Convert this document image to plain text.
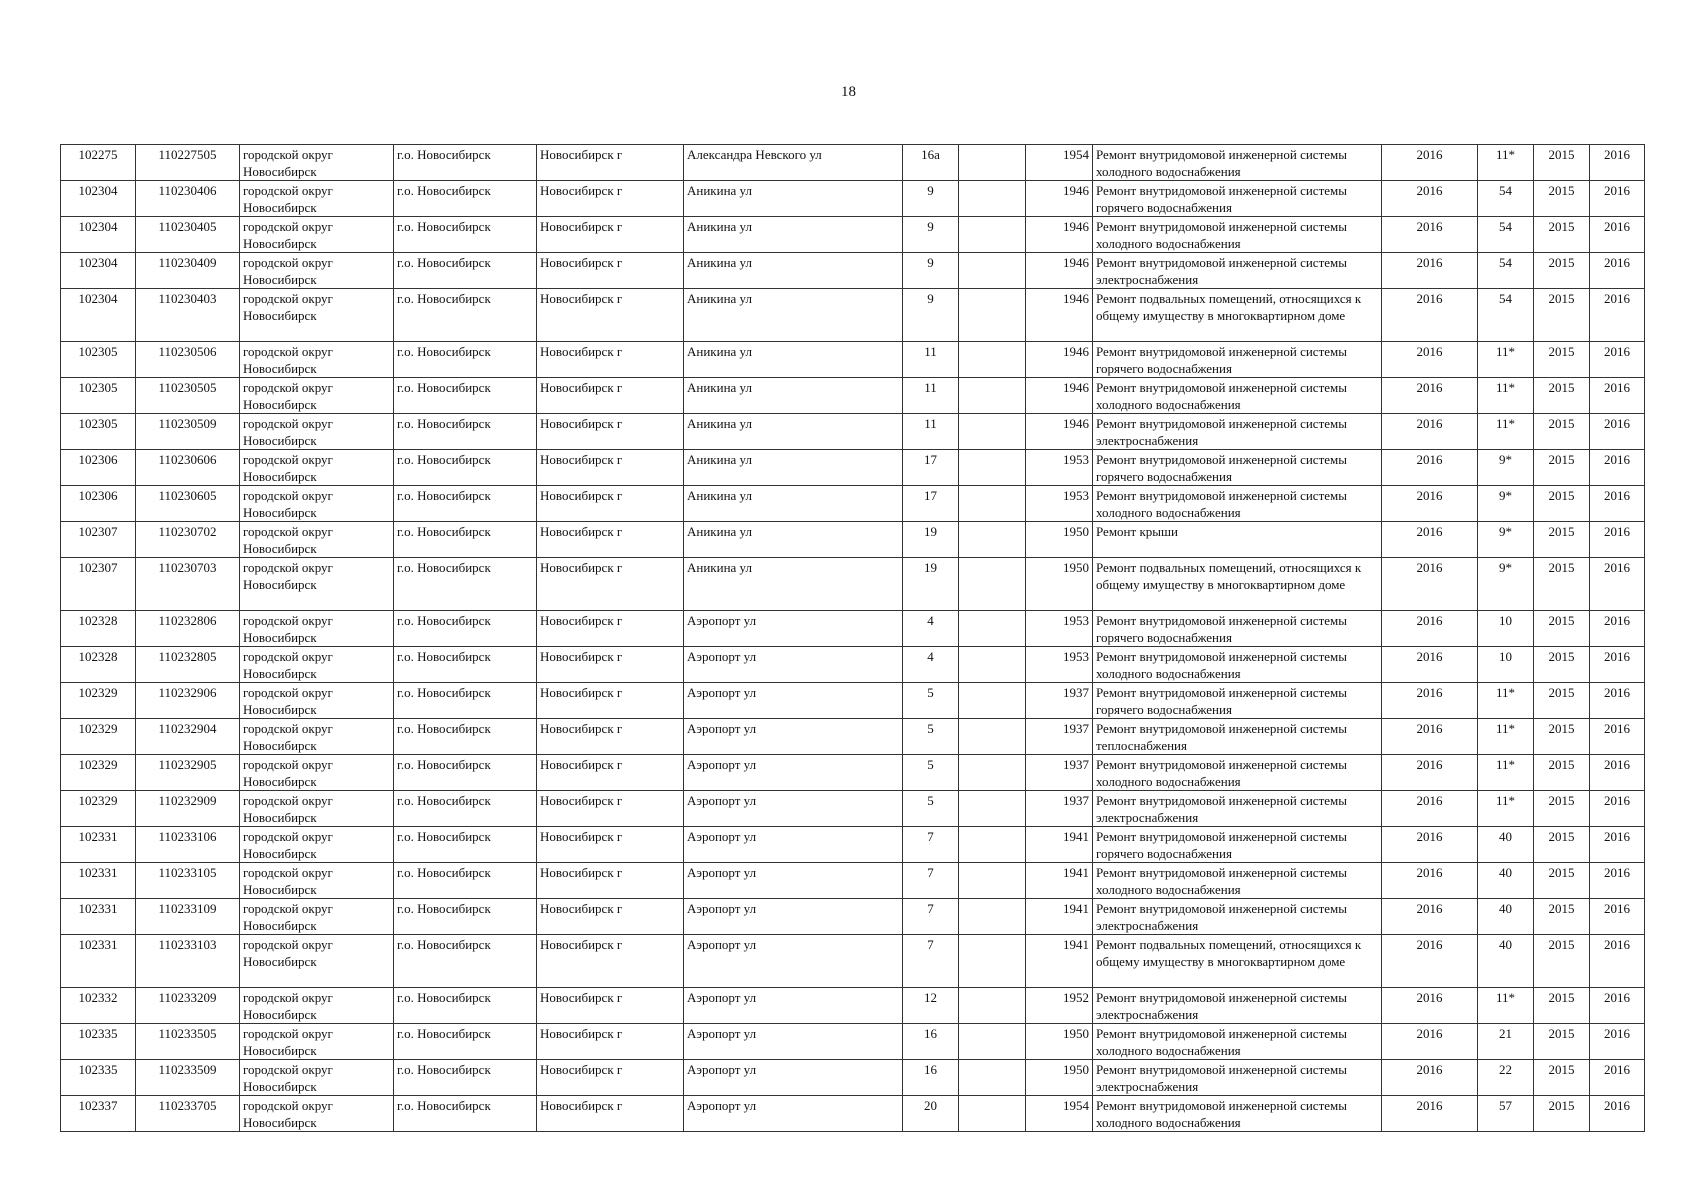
18
102275	110227505	городской округ Новосибирск	г.о. Новосибирск	Новосибирск г	Александра Невского ул	16а		1954	Ремонт внутридомовой инженерной системы холодного водоснабжения	2016	11*	2015	2016
102304	110230406	городской округ Новосибирск	г.о. Новосибирск	Новосибирск г	Аникина ул	9		1946	Ремонт внутридомовой инженерной системы горячего водоснабжения	2016	54	2015	2016
102304	110230405	городской округ Новосибирск	г.о. Новосибирск	Новосибирск г	Аникина ул	9		1946	Ремонт внутридомовой инженерной системы холодного водоснабжения	2016	54	2015	2016
102304	110230409	городской округ Новосибирск	г.о. Новосибирск	Новосибирск г	Аникина ул	9		1946	Ремонт внутридомовой инженерной системы электроснабжения	2016	54	2015	2016
102304	110230403	городской округ Новосибирск	г.о. Новосибирск	Новосибирск г	Аникина ул	9		1946	Ремонт подвальных помещений, относящихся к общему имуществу в многоквартирном доме	2016	54	2015	2016
102305	110230506	городской округ Новосибирск	г.о. Новосибирск	Новосибирск г	Аникина ул	11		1946	Ремонт внутридомовой инженерной системы горячего водоснабжения	2016	11*	2015	2016
102305	110230505	городской округ Новосибирск	г.о. Новосибирск	Новосибирск г	Аникина ул	11		1946	Ремонт внутридомовой инженерной системы холодного водоснабжения	2016	11*	2015	2016
102305	110230509	городской округ Новосибирск	г.о. Новосибирск	Новосибирск г	Аникина ул	11		1946	Ремонт внутридомовой инженерной системы электроснабжения	2016	11*	2015	2016
102306	110230606	городской округ Новосибирск	г.о. Новосибирск	Новосибирск г	Аникина ул	17		1953	Ремонт внутридомовой инженерной системы горячего водоснабжения	2016	9*	2015	2016
102306	110230605	городской округ Новосибирск	г.о. Новосибирск	Новосибирск г	Аникина ул	17		1953	Ремонт внутридомовой инженерной системы холодного водоснабжения	2016	9*	2015	2016
102307	110230702	городской округ Новосибирск	г.о. Новосибирск	Новосибирск г	Аникина ул	19		1950	Ремонт крыши	2016	9*	2015	2016
102307	110230703	городской округ Новосибирск	г.о. Новосибирск	Новосибирск г	Аникина ул	19		1950	Ремонт подвальных помещений, относящихся к общему имуществу в многоквартирном доме	2016	9*	2015	2016
102328	110232806	городской округ Новосибирск	г.о. Новосибирск	Новосибирск г	Аэропорт ул	4		1953	Ремонт внутридомовой инженерной системы горячего водоснабжения	2016	10	2015	2016
102328	110232805	городской округ Новосибирск	г.о. Новосибирск	Новосибирск г	Аэропорт ул	4		1953	Ремонт внутридомовой инженерной системы холодного водоснабжения	2016	10	2015	2016
102329	110232906	городской округ Новосибирск	г.о. Новосибирск	Новосибирск г	Аэропорт ул	5		1937	Ремонт внутридомовой инженерной системы горячего водоснабжения	2016	11*	2015	2016
102329	110232904	городской округ Новосибирск	г.о. Новосибирск	Новосибирск г	Аэропорт ул	5		1937	Ремонт внутридомовой инженерной системы теплоснабжения	2016	11*	2015	2016
102329	110232905	городской округ Новосибирск	г.о. Новосибирск	Новосибирск г	Аэропорт ул	5		1937	Ремонт внутридомовой инженерной системы холодного водоснабжения	2016	11*	2015	2016
102329	110232909	городской округ Новосибирск	г.о. Новосибирск	Новосибирск г	Аэропорт ул	5		1937	Ремонт внутридомовой инженерной системы электроснабжения	2016	11*	2015	2016
102331	110233106	городской округ Новосибирск	г.о. Новосибирск	Новосибирск г	Аэропорт ул	7		1941	Ремонт внутридомовой инженерной системы горячего водоснабжения	2016	40	2015	2016
102331	110233105	городской округ Новосибирск	г.о. Новосибирск	Новосибирск г	Аэропорт ул	7		1941	Ремонт внутридомовой инженерной системы холодного водоснабжения	2016	40	2015	2016
102331	110233109	городской округ Новосибирск	г.о. Новосибирск	Новосибирск г	Аэропорт ул	7		1941	Ремонт внутридомовой инженерной системы электроснабжения	2016	40	2015	2016
102331	110233103	городской округ Новосибирск	г.о. Новосибирск	Новосибирск г	Аэропорт ул	7		1941	Ремонт подвальных помещений, относящихся к общему имуществу в многоквартирном доме	2016	40	2015	2016
102332	110233209	городской округ Новосибирск	г.о. Новосибирск	Новосибирск г	Аэропорт ул	12		1952	Ремонт внутридомовой инженерной системы электроснабжения	2016	11*	2015	2016
102335	110233505	городской округ Новосибирск	г.о. Новосибирск	Новосибирск г	Аэропорт ул	16		1950	Ремонт внутридомовой инженерной системы холодного водоснабжения	2016	21	2015	2016
102335	110233509	городской округ Новосибирск	г.о. Новосибирск	Новосибирск г	Аэропорт ул	16		1950	Ремонт внутридомовой инженерной системы электроснабжения	2016	22	2015	2016
102337	110233705	городской округ Новосибирск	г.о. Новосибирск	Новосибирск г	Аэропорт ул	20		1954	Ремонт внутридомовой инженерной системы холодного водоснабжения	2016	57	2015	2016
